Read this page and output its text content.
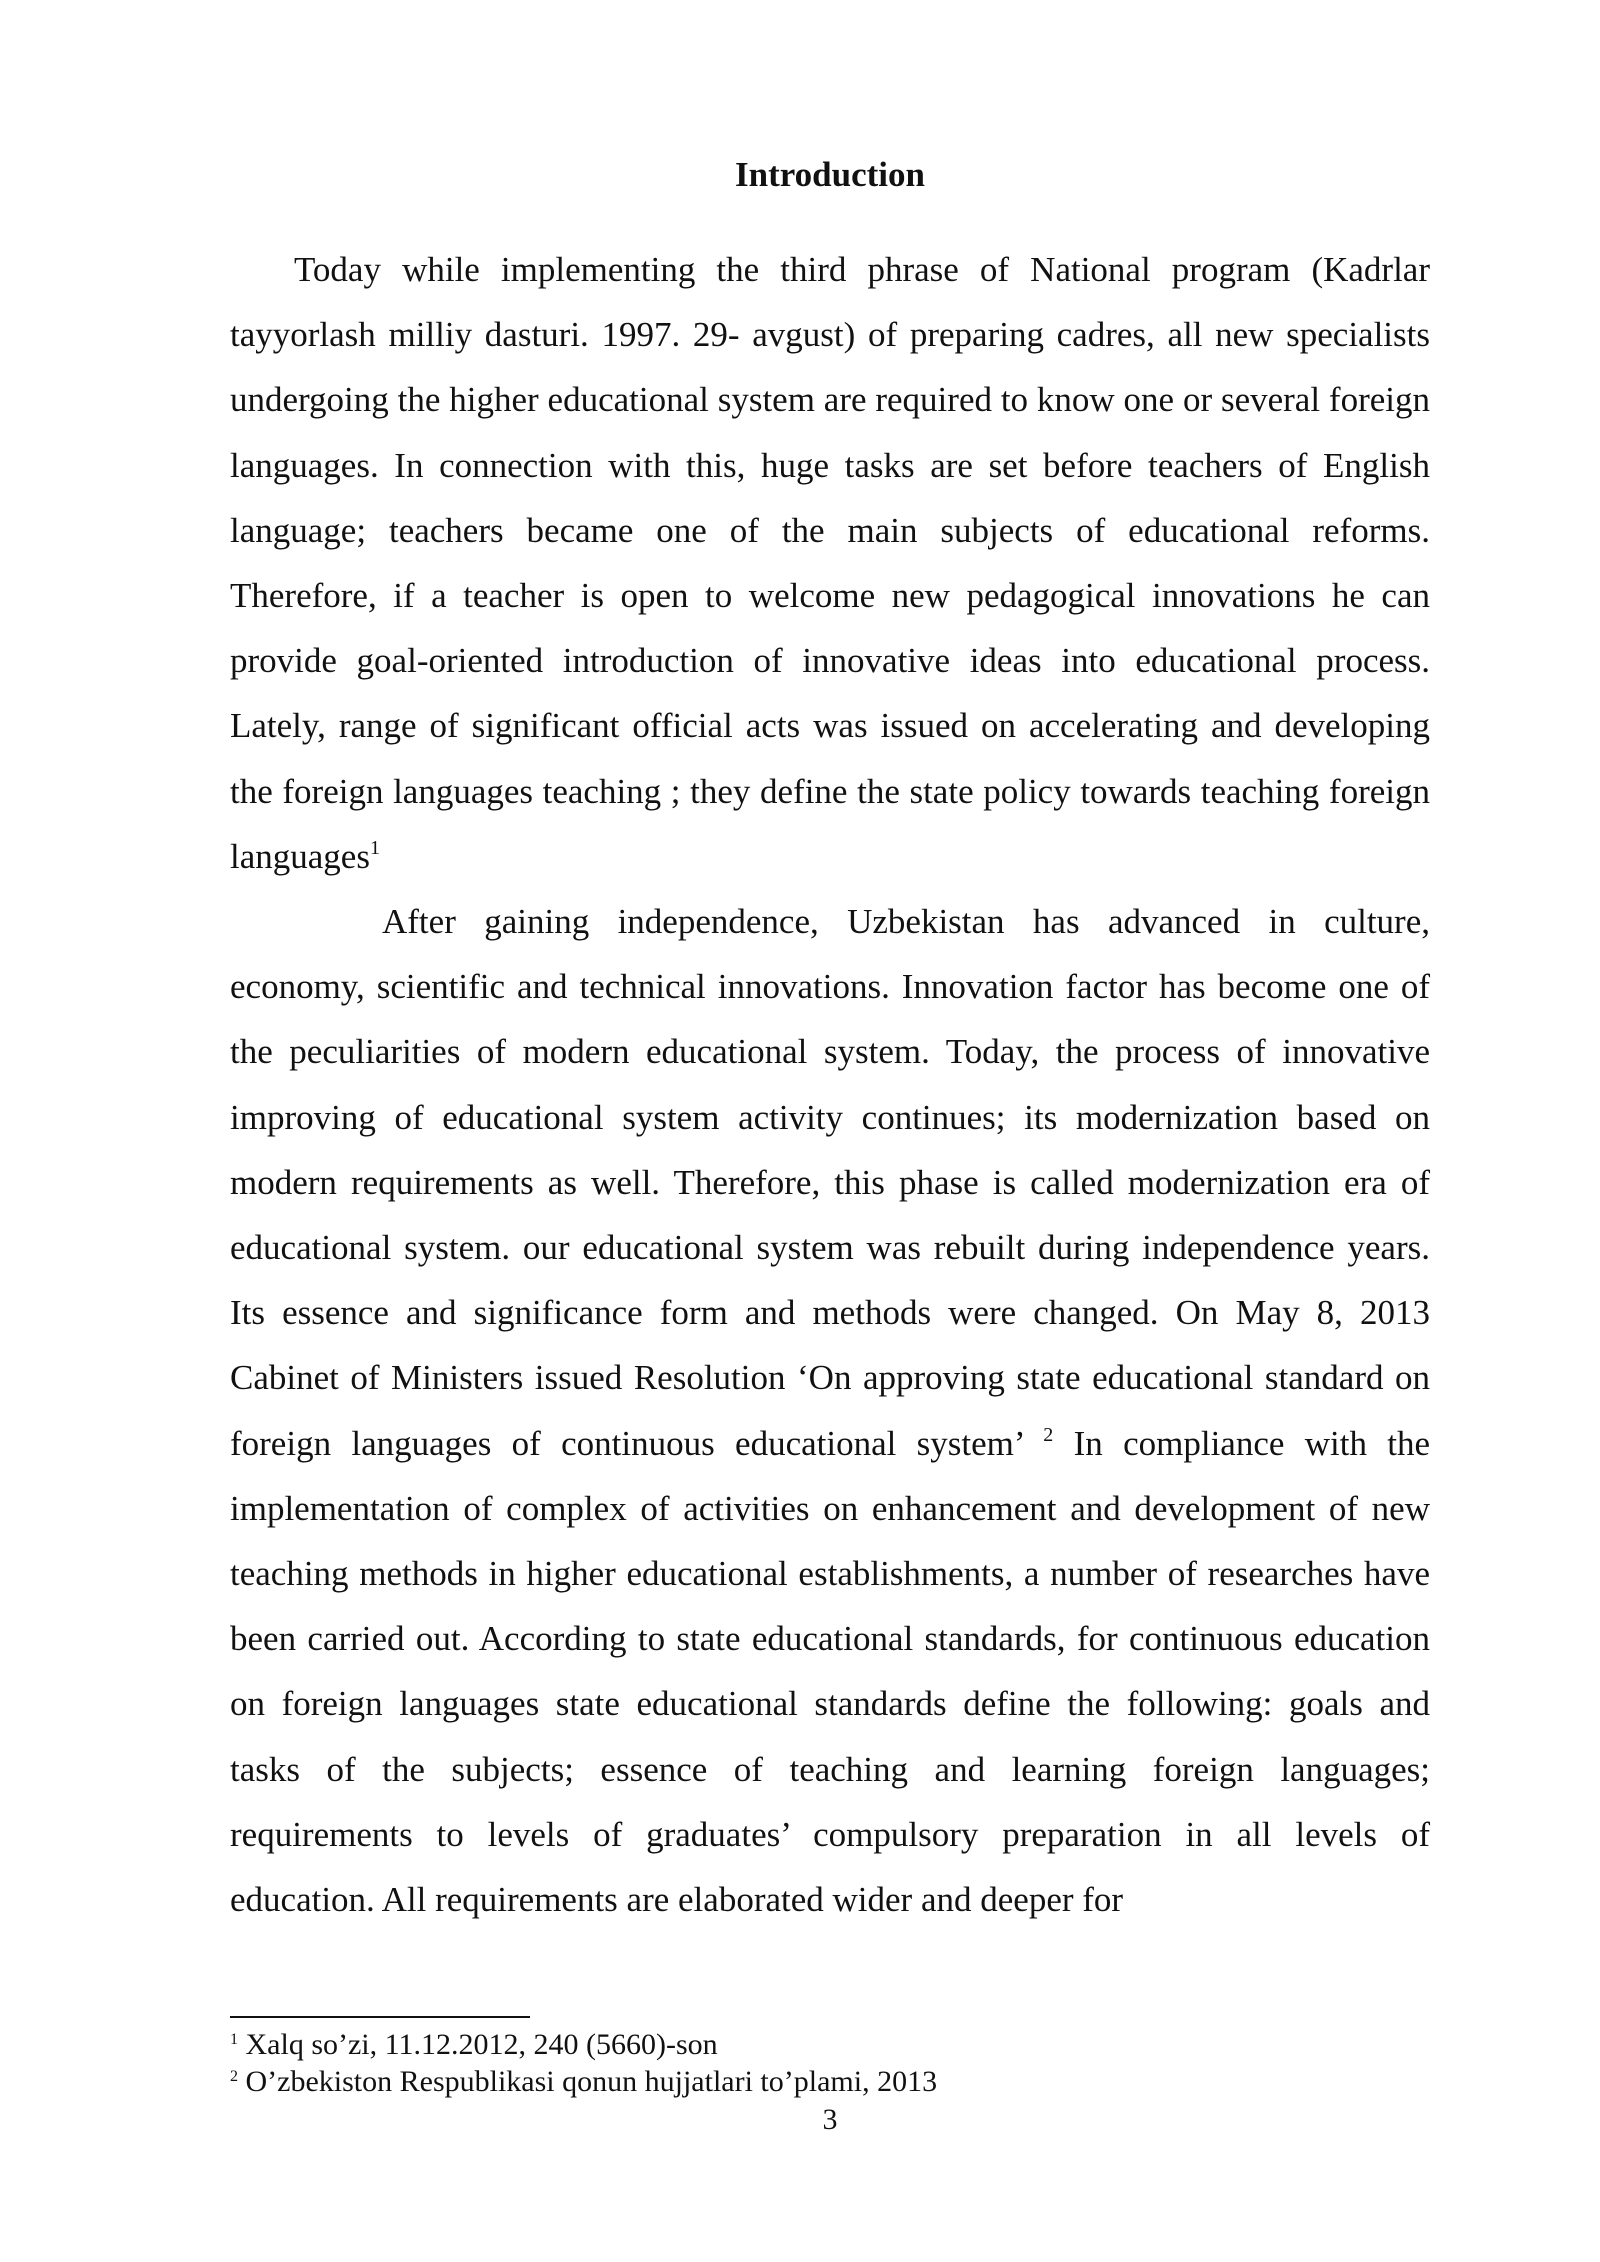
Introduction

Today while implementing the third phrase of National program (Kadrlar tayyorlash milliy dasturi. 1997. 29- avgust) of preparing cadres, all new specialists undergoing the higher educational system are required to know one or several foreign languages. In connection with this, huge tasks are set before teachers of English language; teachers became one of the main subjects of educational reforms. Therefore, if a teacher is open to welcome new pedagogical innovations he can provide goal-oriented introduction of innovative ideas into educational process. Lately, range of significant official acts was issued on accelerating and developing the foreign languages teaching ; they define the state policy towards teaching foreign languages$^1$

After gaining independence, Uzbekistan has advanced in culture, economy, scientific and technical innovations. Innovation factor has become one of the peculiarities of modern educational system. Today, the process of innovative improving of educational system activity continues; its modernization based on modern requirements as well. Therefore, this phase is called modernization era of educational system. our educational system was rebuilt during independence years. Its essence and significance form and methods were changed. On May 8, 2013 Cabinet of Ministers issued Resolution ‘On approving state educational standard on foreign languages of continuous educational system’ $^2$ In compliance with the implementation of complex of activities on enhancement and development of new teaching methods in higher educational establishments, a number of researches have been carried out. According to state educational standards, for continuous education on foreign languages state educational standards define the following: goals and tasks of the subjects; essence of teaching and learning foreign languages; requirements to levels of graduates’ compulsory preparation in all levels of education. All requirements are elaborated wider and deeper for

$^1$ Xalq so’zi, 11.12.2012, 240 (5660)-son
$^2$ O’zbekiston Respublikasi qonun hujjatlari to’plami, 2013
3
